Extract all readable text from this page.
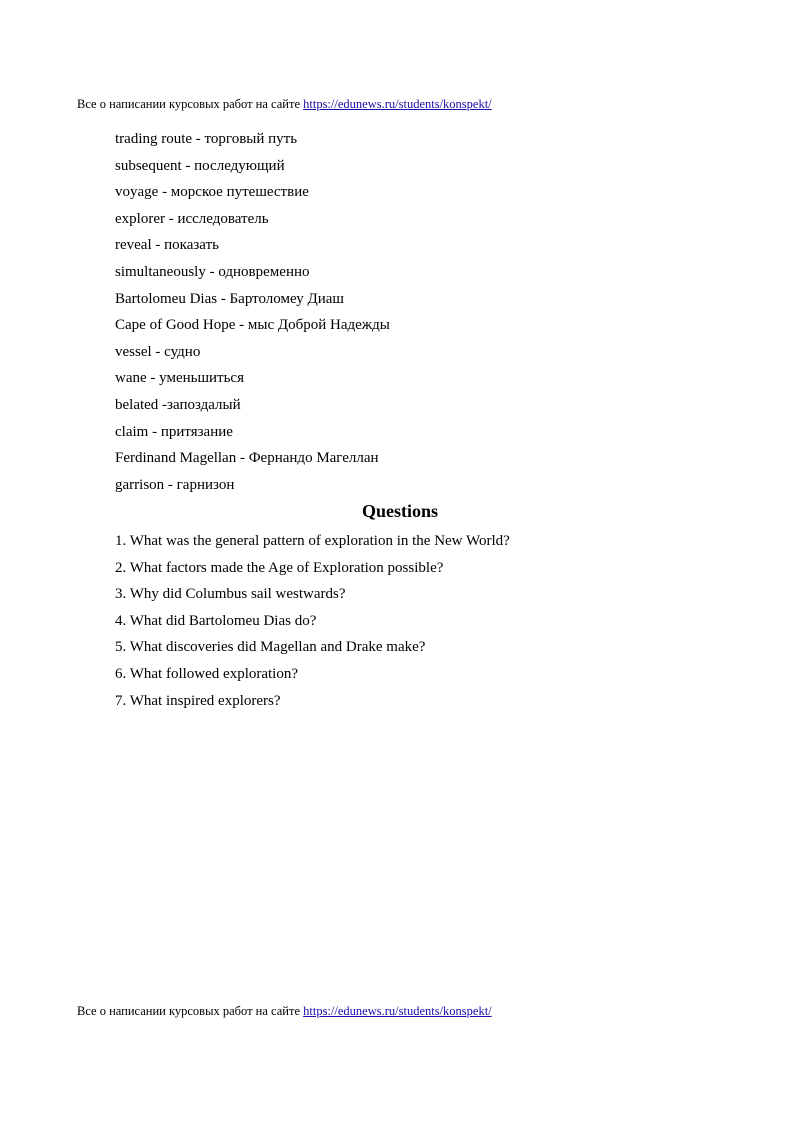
Все о написании курсовых работ на сайте https://edunews.ru/students/konspekt/
trading route - торговый путь
subsequent - последующий
voyage - морское путешествие
explorer - исследователь
reveal - показать
simultaneously - одновременно
Bartolomeu Dias - Бартоломеу Диаш
Cape of Good Hope - мыс Доброй Надежды
vessel - судно
wane - уменьшиться
belated -запоздалый
claim - притязание
Ferdinand Magellan - Фернандо Магеллан
garrison - гарнизон
Questions
1. What was the general pattern of exploration in the New World?
2. What factors made the Age of Exploration possible?
3. Why did Columbus sail westwards?
4. What did Bartolomeu Dias do?
5. What discoveries did Magellan and Drake make?
6. What followed exploration?
7. What inspired explorers?
Все о написании курсовых работ на сайте https://edunews.ru/students/konspekt/
